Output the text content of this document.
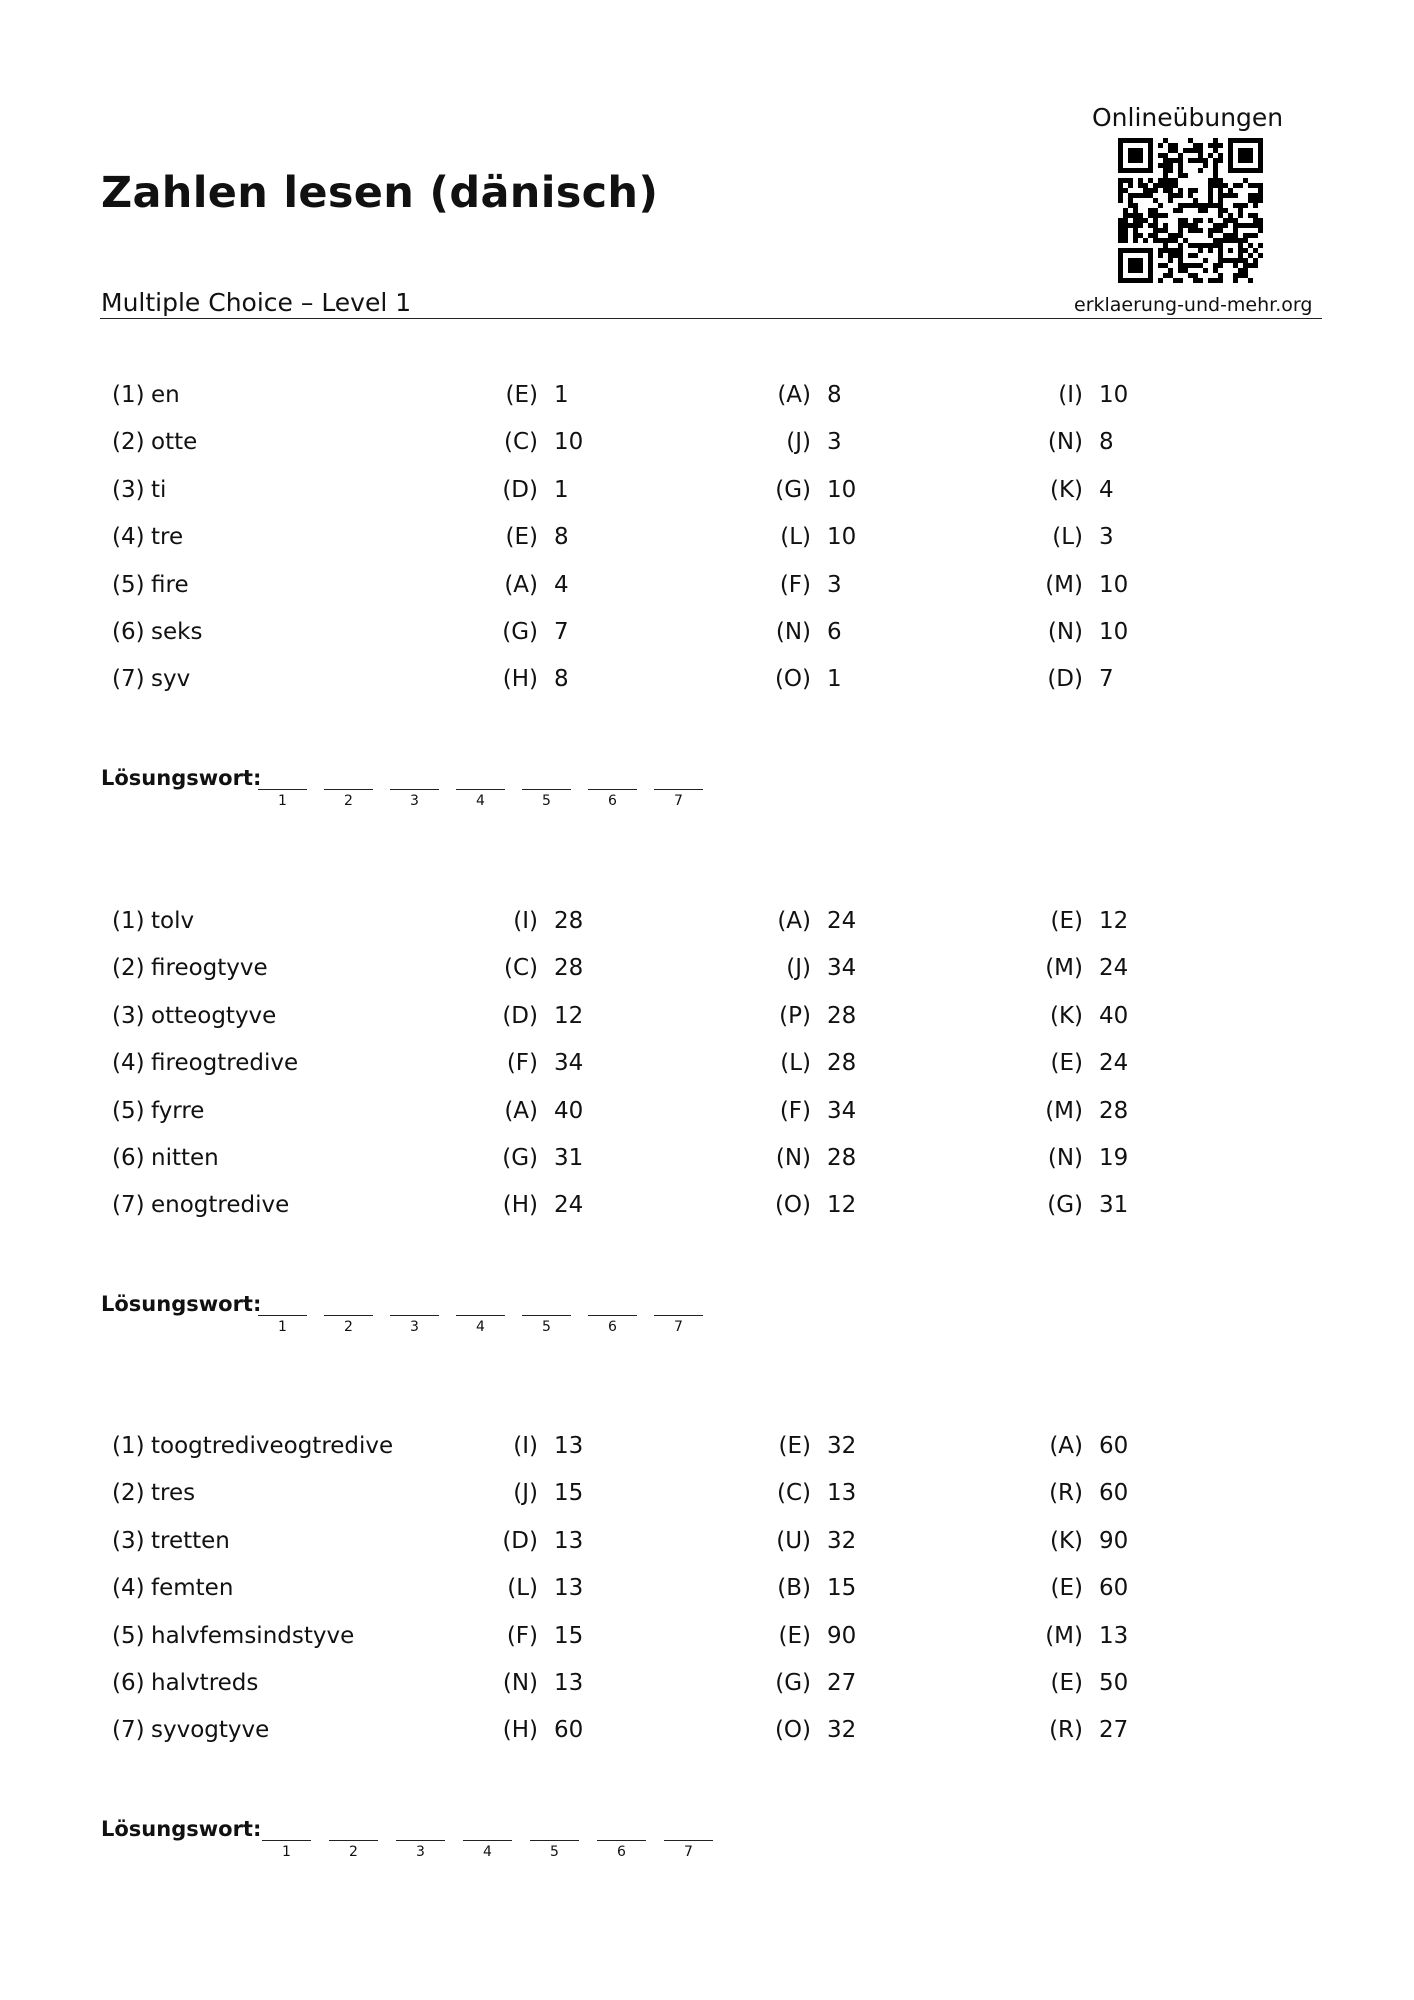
Zahlen lesen (dänisch)
Multiple Choice – Level 1
Onlineübungen
erklaerung-und-mehr.org
(1) en	(E) 1	(A) 8	(I) 10
(2) otte	(C) 10	(J) 3	(N) 8
(3) ti	(D) 1	(G) 10	(K) 4
(4) tre	(E) 8	(L) 10	(L) 3
(5) fire	(A) 4	(F) 3	(M) 10
(6) seks	(G) 7	(N) 6	(N) 10
(7) syv	(H) 8	(O) 1	(D) 7
Lösungswort:
1	2	3	4	5	6	7
(1) tolv	(I) 28	(A) 24	(E) 12
(2) fireogtyve	(C) 28	(J) 34	(M) 24
(3) otteogtyve	(D) 12	(P) 28	(K) 40
(4) fireogtredive	(F) 34	(L) 28	(E) 24
(5) fyrre	(A) 40	(F) 34	(M) 28
(6) nitten	(G) 31	(N) 28	(N) 19
(7) enogtredive	(H) 24	(O) 12	(G) 31
Lösungswort:
1	2	3	4	5	6	7
(1) toogtrediveogtredive	(I) 13	(E) 32	(A) 60
(2) tres	(J) 15	(C) 13	(R) 60
(3) tretten	(D) 13	(U) 32	(K) 90
(4) femten	(L) 13	(B) 15	(E) 60
(5) halvfemsindstyve	(F) 15	(E) 90	(M) 13
(6) halvtreds	(N) 13	(G) 27	(E) 50
(7) syvogtyve	(H) 60	(O) 32	(R) 27
Lösungswort:
1	2	3	4	5	6	7
